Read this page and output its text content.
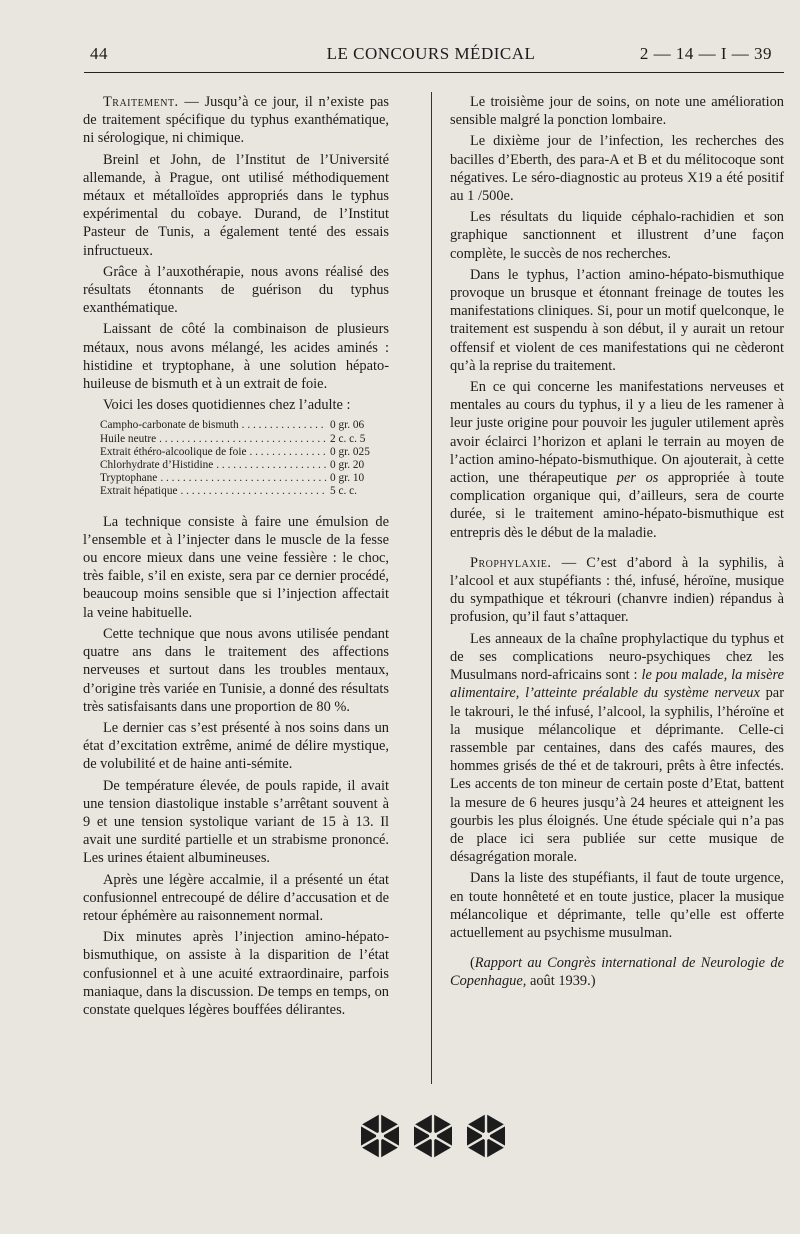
44	LE CONCOURS MÉDICAL	2 — 14 — I — 39

Traitement. — Jusqu’à ce jour, il n’existe pas de traitement spécifique du typhus exanthématique, ni sérologique, ni chimique.

Breinl et John, de l’Institut de l’Université allemande, à Prague, ont utilisé méthodiquement métaux et métalloïdes appropriés dans le typhus expérimental du cobaye. Durand, de l’Institut Pasteur de Tunis, a également tenté des essais infructueux.

Grâce à l’auxothérapie, nous avons réalisé des résultats étonnants de guérison du typhus exanthématique.

Laissant de côté la combinaison de plusieurs métaux, nous avons mélangé, les acides aminés : histidine et tryptophane, à une solution hépato-huileuse de bismuth et à un extrait de foie.

Voici les doses quotidiennes chez l’adulte :

Campho-carbonate de bismuth . . .	0 gr. 06
Huile neutre . . .	2 c. c. 5
Extrait éthéro-alcoolique de foie . . .	0 gr. 025
Chlorhydrate d’Histidine . . .	0 gr. 20
Tryptophane . . .	0 gr. 10
Extrait hépatique . . .	5 c. c.

La technique consiste à faire une émulsion de l’ensemble et à l’injecter dans le muscle de la fesse ou encore mieux dans une veine fessière : le choc, très faible, s’il en existe, sera par ce dernier procédé, beaucoup moins sensible que si l’injection affectait la veine habituelle.

Cette technique que nous avons utilisée pendant quatre ans dans le traitement des affections nerveuses et surtout dans les troubles mentaux, d’origine très variée en Tunisie, a donné des résultats très satisfaisants dans une proportion de 80 %.

Le dernier cas s’est présenté à nos soins dans un état d’excitation extrême, animé de délire mystique, de volubilité et de haine anti-sémite.

De température élevée, de pouls rapide, il avait une tension diastolique instable s’arrêtant souvent à 9 et une tension systolique variant de 15 à 13. Il avait une surdité partielle et un strabisme prononcé. Les urines étaient albumineuses.

Après une légère accalmie, il a présenté un état confusionnel entrecoupé de délire d’accusation et de retour éphémère au raisonnement normal.

Dix minutes après l’injection amino-hépato-bismuthique, on assiste à la disparition de l’état confusionnel et à une acuité extraordinaire, parfois maniaque, dans la discussion. De temps en temps, on constate quelques légères bouffées délirantes.

Le troisième jour de soins, on note une amélioration sensible malgré la ponction lombaire.

Le dixième jour de l’infection, les recherches des bacilles d’Eberth, des para-A et B et du mélitocoque sont négatives. Le séro-diagnostic au proteus X19 a été positif au 1 /500e.

Les résultats du liquide céphalo-rachidien et son graphique sanctionnent et illustrent d’une façon complète, le succès de nos recherches.

Dans le typhus, l’action amino-hépato-bismuthique provoque un brusque et étonnant freinage de toutes les manifestations cliniques. Si, pour un motif quelconque, le traitement est suspendu à son début, il y aurait un retour offensif et violent de ces manifestations qui ne cèderont qu’à la reprise du traitement.

En ce qui concerne les manifestations nerveuses et mentales au cours du typhus, il y a lieu de les ramener à leur juste origine pour pouvoir les juguler utilement après avoir éclairci l’horizon et aplani le terrain au moyen de l’action amino-hépato-bismuthique. On ajouterait, à cette action, une thérapeutique per os appropriée à toute complication organique qui, d’ailleurs, sera de courte durée, si le traitement amino-hépato-bismuthique est entrepris dès le début de la maladie.

Prophylaxie. — C’est d’abord à la syphilis, à l’alcool et aux stupéfiants : thé, infusé, héroïne, musique du sympathique et tékrouri (chanvre indien) répandus à profusion, qu’il faut s’attaquer.

Les anneaux de la chaîne prophylactique du typhus et de ses complications neuro-psychiques chez les Musulmans nord-africains sont : le pou malade, la misère alimentaire, l’atteinte préalable du système nerveux par le takrouri, le thé infusé, l’alcool, la syphilis, l’héroïne et la musique mélancolique et déprimante. Celle-ci rassemble par centaines, dans des cafés maures, des hommes grisés de thé et de takrouri, prêts à être infectés. Les accents de ton mineur de certain poste d’Etat, battent la mesure de 6 heures jusqu’à 24 heures et atteignent les gourbis les plus éloignés. Une étude spéciale qui n’a pas de place ici sera publiée sur cette musique de désagrégation morale.

Dans la liste des stupéfiants, il faut de toute urgence, en toute honnêteté et en toute justice, placer la musique mélancolique et déprimante, telle qu’elle est offerte actuellement au psychisme musulman.

(Rapport au Congrès international de Neurologie de Copenhague, août 1939.)
